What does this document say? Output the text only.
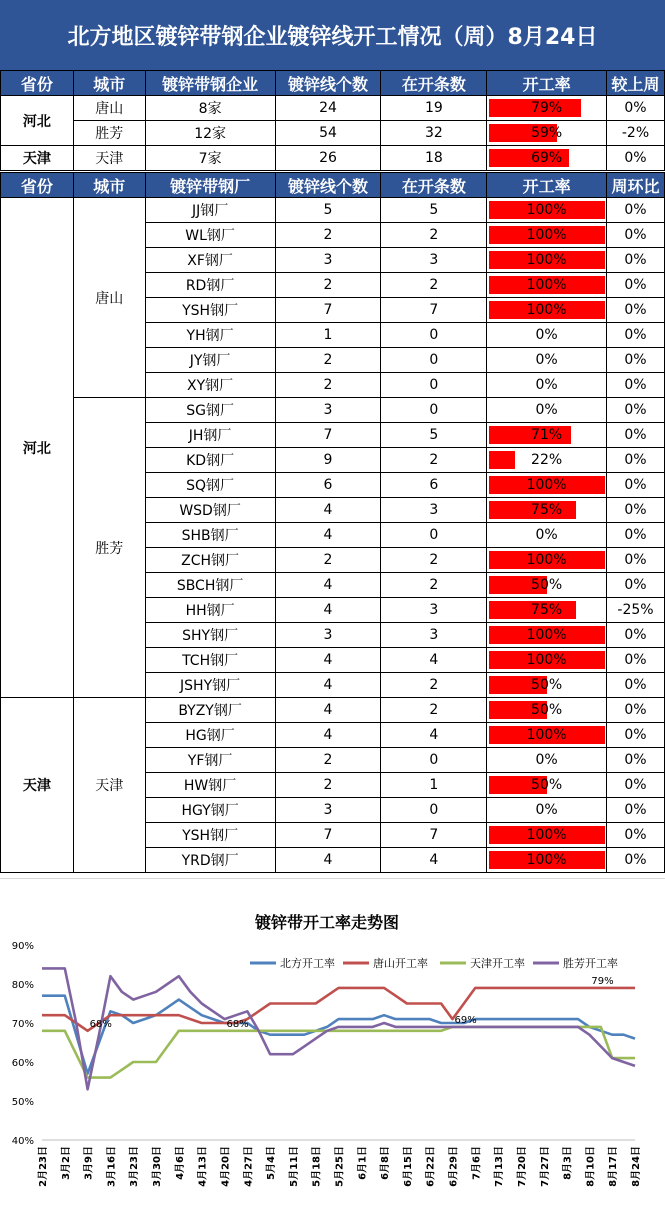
北方地区镀锌带钢企业镀锌线开工情况（周）8月24日
省份	城市	镀锌带钢企业	镀锌线个数	在开条数	开工率	较上周
河北	唐山	8家	24	19	79%	0%
	胜芳	12家	54	32	59%	-2%
天津	天津	7家	26	18	69%	0%
省份	城市	镀锌带钢厂	镀锌线个数	在开条数	开工率	周环比
河北	唐山	JJ钢厂	5	5	100%	0%
		WL钢厂	2	2	100%	0%
		XF钢厂	3	3	100%	0%
		RD钢厂	2	2	100%	0%
		YSH钢厂	7	7	100%	0%
		YH钢厂	1	0	0%	0%
		JY钢厂	2	0	0%	0%
		XY钢厂	2	0	0%	0%
	胜芳	SG钢厂	3	0	0%	0%
		JH钢厂	7	5	71%	0%
		KD钢厂	9	2	22%	0%
		SQ钢厂	6	6	100%	0%
		WSD钢厂	4	3	75%	0%
		SHB钢厂	4	0	0%	0%
		ZCH钢厂	2	2	100%	0%
		SBCH钢厂	4	2	50%	0%
		HH钢厂	4	3	75%	-25%
		SHY钢厂	3	3	100%	0%
		TCH钢厂	4	4	100%	0%
		JSHY钢厂	4	2	50%	0%
天津	天津	BYZY钢厂	4	2	50%	0%
		HG钢厂	4	4	100%	0%
		YF钢厂	2	0	0%	0%
		HW钢厂	2	1	50%	0%
		HGY钢厂	3	0	0%	0%
		YSH钢厂	7	7	100%	0%
		YRD钢厂	4	4	100%	0%
镀锌带开工率走势图
40%
50%
60%
70%
80%
90%
2月23日 3月2日 3月9日 3月16日 3月23日 3月30日 4月6日 4月13日 4月20日 4月27日 5月4日 5月11日 5月18日 5月25日 6月1日 6月8日 6月15日 6月22日 6月29日 7月6日 7月13日 7月20日 7月27日 8月3日 8月10日 8月17日 8月24日
北方开工率	唐山开工率	天津开工率	胜芳开工率
68%	68%	69%
79%
